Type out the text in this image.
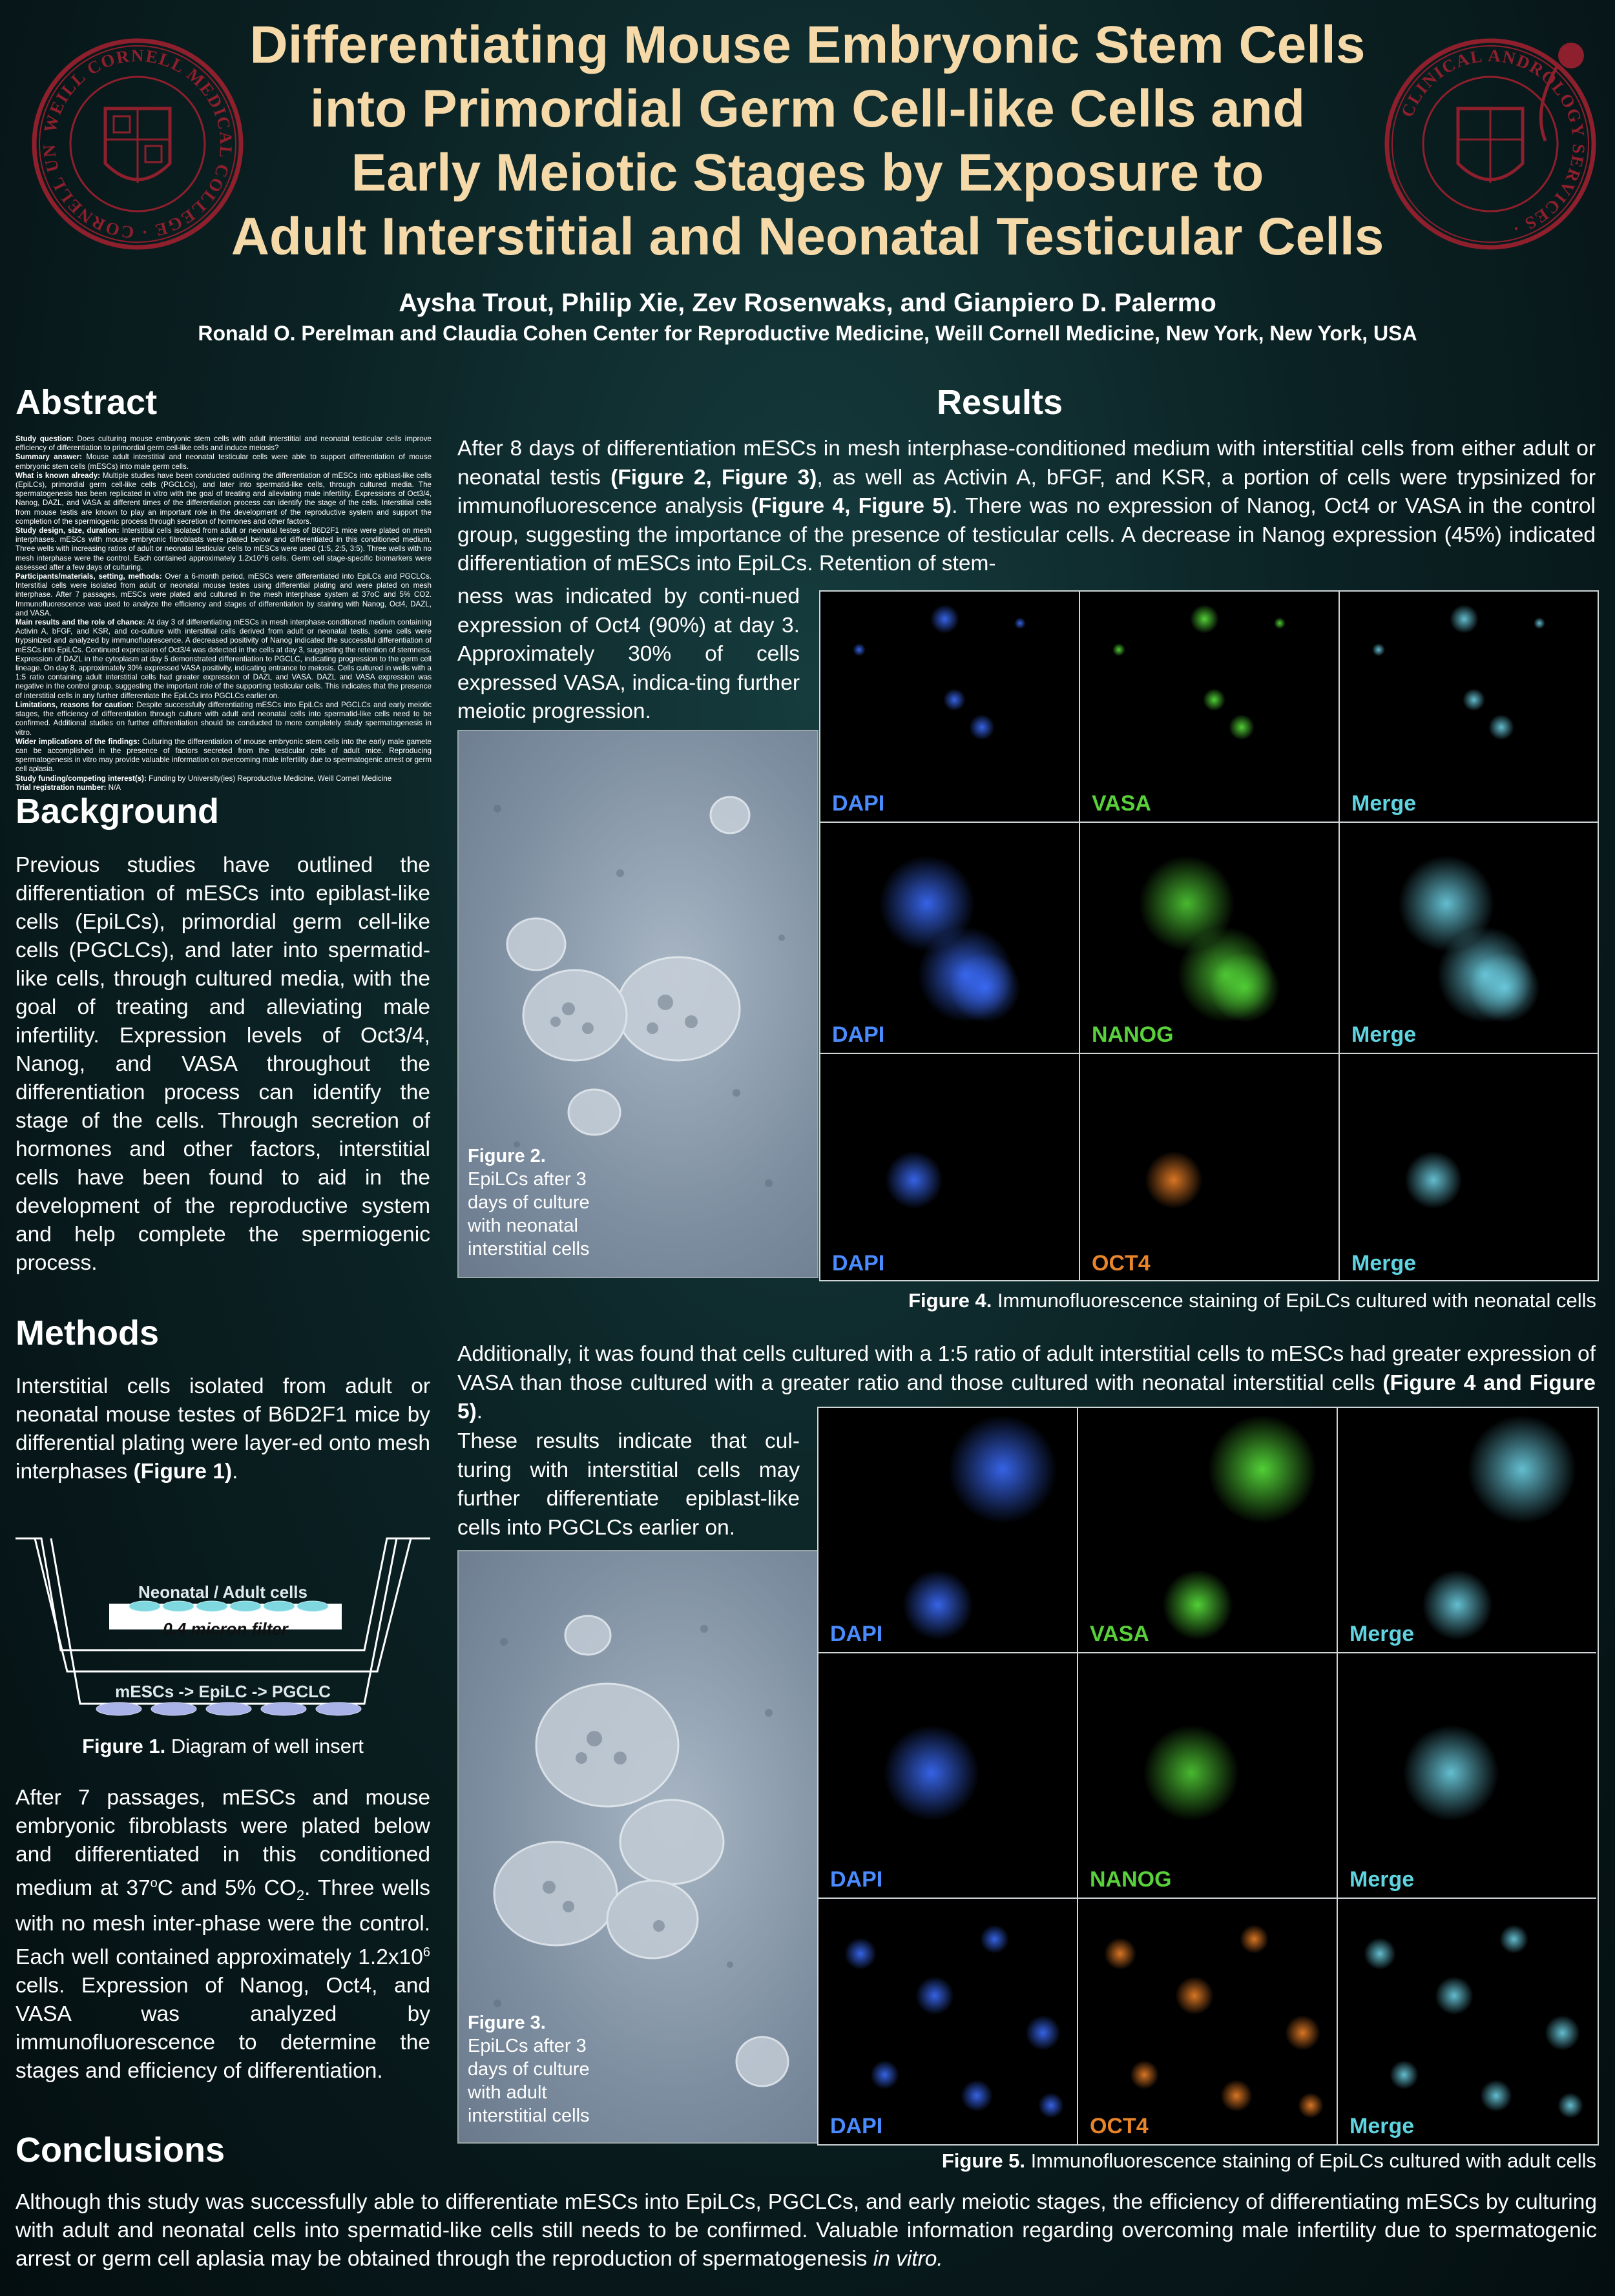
WEILL CORNELL MEDICAL COLLEGE · CORNELL UN
CLINICAL ANDROLOGY SERVICES ·
Differentiating Mouse Embryonic Stem Cells
into Primordial Germ Cell-like Cells and
Early Meiotic Stages by Exposure to
Adult Interstitial and Neonatal Testicular Cells
Aysha Trout, Philip Xie, Zev Rosenwaks, and Gianpiero D. Palermo
Ronald O. Perelman and Claudia Cohen Center for Reproductive Medicine, Weill Cornell Medicine, New York, New York, USA
Abstract
Study question: Does culturing mouse embryonic stem cells with adult interstitial and neonatal testicular cells improve efficiency of differentiation to primordial germ cell-like cells and induce meiosis?
Summary answer: Mouse adult interstitial and neonatal testicular cells were able to support differentiation of mouse embryonic stem cells (mESCs) into male germ cells.
What is known already: Multiple studies have been conducted outlining the differentiation of mESCs into epiblast-like cells (EpiLCs), primordial germ cell-like cells (PGCLCs), and later into spermatid-like cells, through cultured media. The spermatogenesis has been replicated in vitro with the goal of treating and alleviating male infertility. Expressions of Oct3/4, Nanog, DAZL, and VASA at different times of the differentiation process can identify the stage of the cells. Interstitial cells from mouse testis are known to play an important role in the development of the reproductive system and support the completion of the spermiogenic process through secretion of hormones and other factors.
Study design, size, duration: Interstitial cells isolated from adult or neonatal testes of B6D2F1 mice were plated on mesh interphases. mESCs with mouse embryonic fibroblasts were plated below and differentiated in this conditioned medium. Three wells with increasing ratios of adult or neonatal testicular cells to mESCs were used (1:5, 2:5, 3:5). Three wells with no mesh interphase were the control. Each contained approximately 1.2x10^6 cells. Germ cell stage-specific biomarkers were assessed after a few days of culturing.
Participants/materials, setting, methods: Over a 6-month period, mESCs were differentiated into EpiLCs and PGCLCs. Interstitial cells were isolated from adult or neonatal mouse testes using differential plating and were plated on mesh interphase. After 7 passages, mESCs were plated and cultured in the mesh interphase system at 37oC and 5% CO2. Immunofluorescence was used to analyze the efficiency and stages of differentiation by staining with Nanog, Oct4, DAZL, and VASA.
Main results and the role of chance: At day 3 of differentiating mESCs in mesh interphase-conditioned medium containing Activin A, bFGF, and KSR, and co-culture with interstitial cells derived from adult or neonatal testis, some cells were trypsinized and analyzed by immunofluorescence. A decreased positivity of Nanog indicated the successful differentiation of mESCs into EpiLCs. Continued expression of Oct3/4 was detected in the cells at day 3, suggesting the retention of stemness. Expression of DAZL in the cytoplasm at day 5 demonstrated differentiation to PGCLC, indicating progression to the germ cell lineage. On day 8, approximately 30% expressed VASA positivity, indicating entrance to meiosis. Cells cultured in wells with a 1:5 ratio containing adult interstitial cells had greater expression of DAZL and VASA. DAZL and VASA expression was negative in the control group, suggesting the important role of the supporting testicular cells. This indicates that the presence of interstitial cells in any further differentiate the EpiLCs into PGCLCs earlier on.
Limitations, reasons for caution: Despite successfully differentiating mESCs into EpiLCs and PGCLCs and early meiotic stages, the efficiency of differentiation through culture with adult and neonatal cells into spermatid-like cells need to be confirmed. Additional studies on further differentiation should be conducted to more completely study spermatogenesis in vitro.
Wider implications of the findings: Culturing the differentiation of mouse embryonic stem cells into the early male gamete can be accomplished in the presence of factors secreted from the testicular cells of adult mice. Reproducing spermatogenesis in vitro may provide valuable information on overcoming male infertility due to spermatogenic arrest or germ cell aplasia.
Study funding/competing interest(s): Funding by University(ies) Reproductive Medicine, Weill Cornell Medicine
Trial registration number: N/A
Background
Previous studies have outlined the differentiation of mESCs into epiblast-like cells (EpiLCs), primordial germ cell-like cells (PGCLCs), and later into spermatid-like cells, through cultured media, with the goal of treating and alleviating male infertility. Expression levels of Oct3/4, Nanog, and VASA throughout the differentiation process can identify the stage of the cells. Through secretion of hormones and other factors, interstitial cells have been found to aid in the development of the reproductive system and help complete the spermiogenic process.
Methods
Interstitial cells isolated from adult or neonatal mouse testes of B6D2F1 mice by differential plating were layer-ed onto mesh interphases (Figure 1).
Neonatal / Adult cells
0.4 micron filter
mESCs -> EpiLC -> PGCLC
Figure 1. Diagram of well insert
After 7 passages, mESCs and mouse embryonic fibroblasts were plated below and differentiated in this conditioned medium at 37$^o$C and 5% $CO_2$. Three wells with no mesh inter-phase were the control. Each well contained approximately $1.2x10^6$ cells. Expression of Nanog, Oct4, and VASA was analyzed by immunofluorescence to determine the stages and efficiency of differentiation.
Conclusions
Although this study was successfully able to differentiate mESCs into EpiLCs, PGCLCs, and early meiotic stages, the efficiency of differentiating mESCs by culturing with adult and neonatal cells into spermatid-like cells still needs to be confirmed. Valuable information regarding overcoming male infertility due to spermatogenic arrest or germ cell aplasia may be obtained through the reproduction of spermatogenesis in vitro.
Results
After 8 days of differentiation mESCs in mesh interphase-conditioned medium with interstitial cells from either adult or neonatal testis (Figure 2, Figure 3), as well as Activin A, bFGF, and KSR, a portion of cells were trypsinized for immunofluorescence analysis (Figure 4, Figure 5). There was no expression of Nanog, Oct4 or VASA in the control group, suggesting the importance of the presence of testicular cells. A decrease in Nanog expression (45%) indicated differentiation of mESCs into EpiLCs. Retention of stem-
ness was indicated by conti-nued expression of Oct4 (90%) at day 3. Approximately 30% of cells expressed VASA, indica-ting further meiotic progression.
Figure 2.
EpiLCs after 3
days of culture
with neonatal
interstitial cells
DAPI	VASA	Merge
DAPI	NANOG	Merge
DAPI	OCT4	Merge
Figure 4. Immunofluorescence staining of EpiLCs cultured with neonatal cells
Additionally, it was found that cells cultured with a 1:5 ratio of adult interstitial cells to mESCs had greater expression of VASA than those cultured with a greater ratio and those cultured with neonatal interstitial cells (Figure 4 and Figure 5).
These results indicate that cul-turing with interstitial cells may further differentiate epiblast-like cells into PGCLCs earlier on.
Figure 3.
EpiLCs after 3
days of culture
with adult
interstitial cells
DAPI	VASA	Merge
DAPI	NANOG	Merge
DAPI	OCT4	Merge
Figure 5. Immunofluorescence staining of EpiLCs cultured with adult cells
